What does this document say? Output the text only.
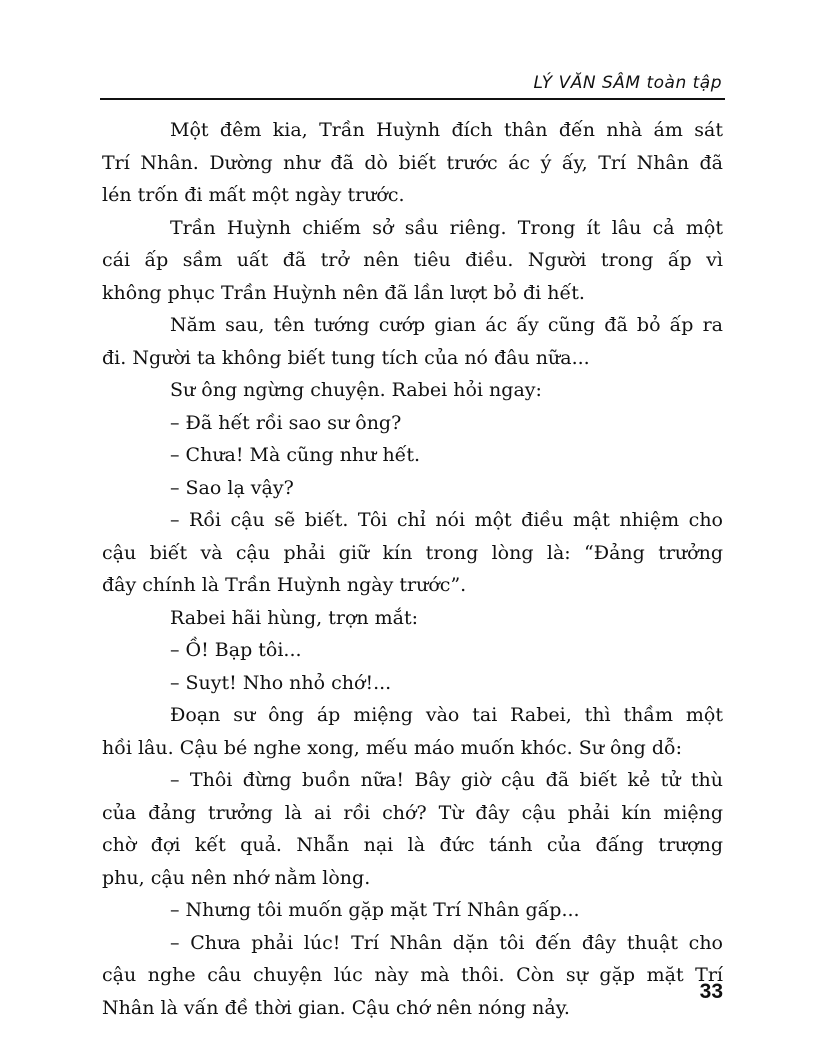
LÝ VĂN SÂM toàn tập
Một đêm kia, Trần Huỳnh đích thân đến nhà ám sát
Trí Nhân. Dường như đã dò biết trước ác ý ấy, Trí Nhân đã
lén trốn đi mất một ngày trước.
Trần Huỳnh chiếm sở sầu riêng. Trong ít lâu cả một
cái ấp sầm uất đã trở nên tiêu điều. Người trong ấp vì
không phục Trần Huỳnh nên đã lần lượt bỏ đi hết.
Năm sau, tên tướng cướp gian ác ấy cũng đã bỏ ấp ra
đi. Người ta không biết tung tích của nó đâu nữa...
Sư ông ngừng chuyện. Rabei hỏi ngay:
– Đã hết rồi sao sư ông?
– Chưa! Mà cũng như hết.
– Sao lạ vậy?
– Rồi cậu sẽ biết. Tôi chỉ nói một điều mật nhiệm cho
cậu biết và cậu phải giữ kín trong lòng là: “Đảng trưởng
đây chính là Trần Huỳnh ngày trước”.
Rabei hãi hùng, trợn mắt:
– Ồ! Bạp tôi...
– Suyt! Nho nhỏ chớ!...
Đoạn sư ông áp miệng vào tai Rabei, thì thầm một
hồi lâu. Cậu bé nghe xong, mếu máo muốn khóc. Sư ông dỗ:
– Thôi đừng buồn nữa! Bây giờ cậu đã biết kẻ tử thù
của đảng trưởng là ai rồi chớ? Từ đây cậu phải kín miệng
chờ đợi kết quả. Nhẫn nại là đức tánh của đấng trượng
phu, cậu nên nhớ nằm lòng.
– Nhưng tôi muốn gặp mặt Trí Nhân gấp...
– Chưa phải lúc! Trí Nhân dặn tôi đến đây thuật cho
cậu nghe câu chuyện lúc này mà thôi. Còn sự gặp mặt Trí
Nhân là vấn đề thời gian. Cậu chớ nên nóng nảy.
33
